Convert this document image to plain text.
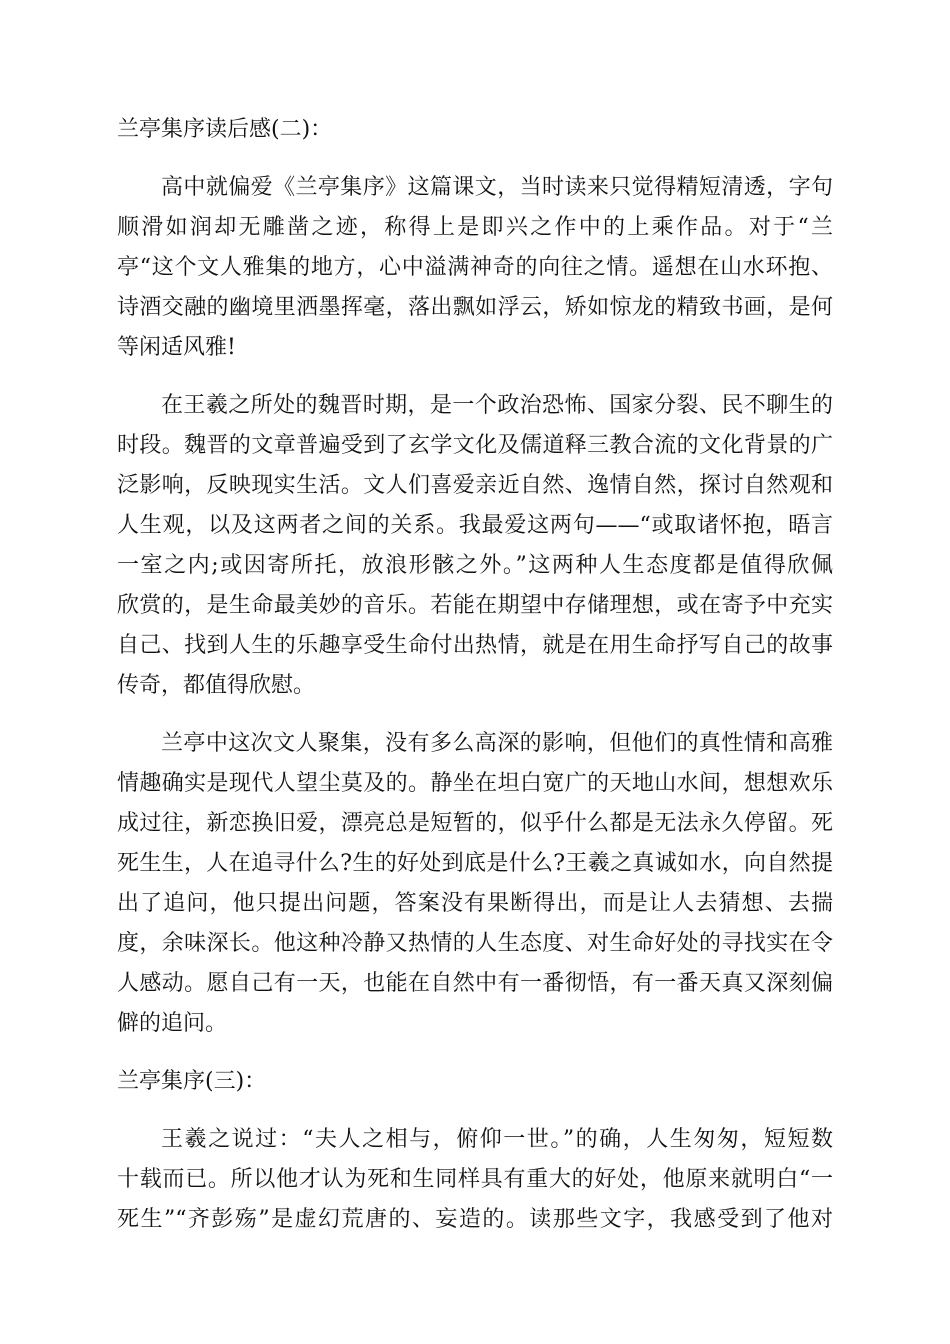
兰亭集序读后感(二)：

高中就偏爱《兰亭集序》这篇课文，当时读来只觉得精短清透，字句
顺滑如润却无雕凿之迹，称得上是即兴之作中的上乘作品。对于“兰
亭“这个文人雅集的地方，心中溢满神奇的向往之情。遥想在山水环抱、
诗酒交融的幽境里洒墨挥毫，落出飘如浮云，矫如惊龙的精致书画，是何
等闲适风雅!
在王羲之所处的魏晋时期，是一个政治恐怖、国家分裂、民不聊生的
时段。魏晋的文章普遍受到了玄学文化及儒道释三教合流的文化背景的广
泛影响，反映现实生活。文人们喜爱亲近自然、逸情自然，探讨自然观和
人生观，以及这两者之间的关系。我最爱这两句——“或取诸怀抱，晤言
一室之内;或因寄所托，放浪形骸之外。”这两种人生态度都是值得欣佩
欣赏的，是生命最美妙的音乐。若能在期望中存储理想，或在寄予中充实
自己、找到人生的乐趣享受生命付出热情，就是在用生命抒写自己的故事
传奇，都值得欣慰。
兰亭中这次文人聚集，没有多么高深的影响，但他们的真性情和高雅
情趣确实是现代人望尘莫及的。静坐在坦白宽广的天地山水间，想想欢乐
成过往，新恋换旧爱，漂亮总是短暂的，似乎什么都是无法永久停留。死
死生生，人在追寻什么?生的好处到底是什么?王羲之真诚如水，向自然提
出了追问，他只提出问题，答案没有果断得出，而是让人去猜想、去揣
度，余味深长。他这种冷静又热情的人生态度、对生命好处的寻找实在令
人感动。愿自己有一天，也能在自然中有一番彻悟，有一番天真又深刻偏
僻的追问。

兰亭集序(三)：

王羲之说过：“夫人之相与，俯仰一世。”的确，人生匆匆，短短数
十载而已。所以他才认为死和生同样具有重大的好处，他原来就明白“一
死生”“齐彭殇”是虚幻荒唐的、妄造的。读那些文字，我感受到了他对
